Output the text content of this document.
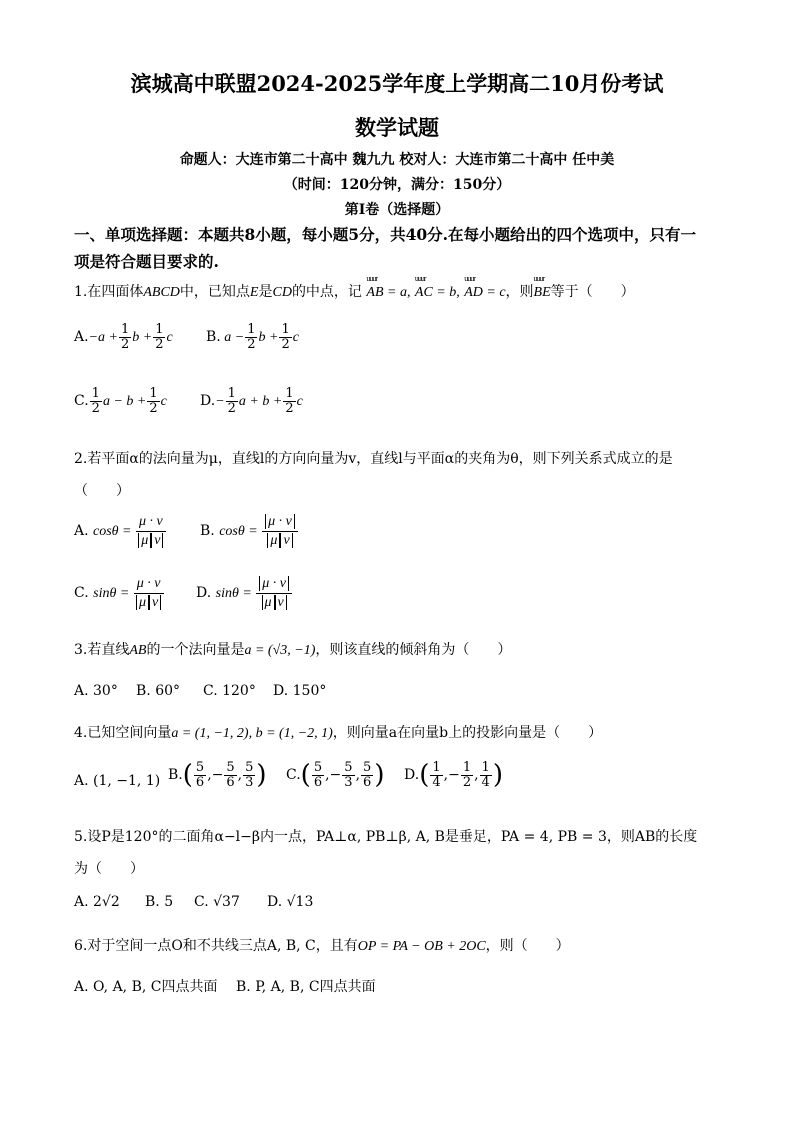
滨城高中联盟2024-2025学年度上学期高二10月份考试
数学试题
命题人：大连市第二十高中 魏九九 校对人：大连市第二十高中 任中美
（时间：120分钟，满分：150分）
第I卷（选择题）
一、单项选择题：本题共8小题，每小题5分，共40分.在每小题给出的四个选项中，只有一
项是符合题目要求的.
1.在四面体ABCD中，已知点E是CD的中点，记 uuur AB = a, uuur AC = b, uuur AD = c，则uuur BE等于（　　）
$A.-a + \frac{1}{2}$ $b + \frac{1}{2}$ c B. $a - \frac{1}{2}$ $b + \frac{1}{2}$ c
C. $\frac{1}{2}$ $a - b + \frac{1}{2}$ c $D.- \frac{1}{2}$ $a + b + \frac{1}{2}$ c
2.若平面α的法向量为μ，直线l的方向向量为v，直线l与平面α的夹角为θ，则下列关系式成立的是
（　　）
A. $\cos\theta = \frac{\mu \cdot v}{\text{μ v}} B$. $\cos\theta = \frac{\mu \cdot v}{\text{μ v}}$
C. $\sin\theta = \frac{\mu \cdot v}{\text{μ v}} D$. $\sin\theta = \frac{\mu \cdot v}{\text{μ v}}$
3.若直线AB的一个法向量是a = (√3, −1)，则该直线的倾斜角为（　　）
A. 30° B. 60° C. 120° D. 150°
4.已知空间向量a = (1, −1, 2), b = (1, −2, 1)，则向量a在向量b上的投影向量是（　　）
A. (1, −1, 1) $B.( \frac{5}{6}$ ,− $\frac{5}{6}$ , $\frac{5}{3}$ ) $C.( \frac{5}{6}$ ,− $\frac{5}{3}$ , $\frac{5}{6}$ ) $D.( \frac{1}{4}$ ,− $\frac{1}{2}$ , $\frac{1}{4}$ )
5.设P是120°的二面角α−l−β内一点，PA⊥α, PB⊥β, A, B是垂足，PA = 4, PB = 3，则AB的长度
为（　　）
A. 2√2 B. 5 C. √37 D. √13
6.对于空间一点O和不共线三点A, B, C，且有OP = PA − OB + 2OC，则（　　）
A. O, A, B, C四点共面 B. P, A, B, C四点共面
